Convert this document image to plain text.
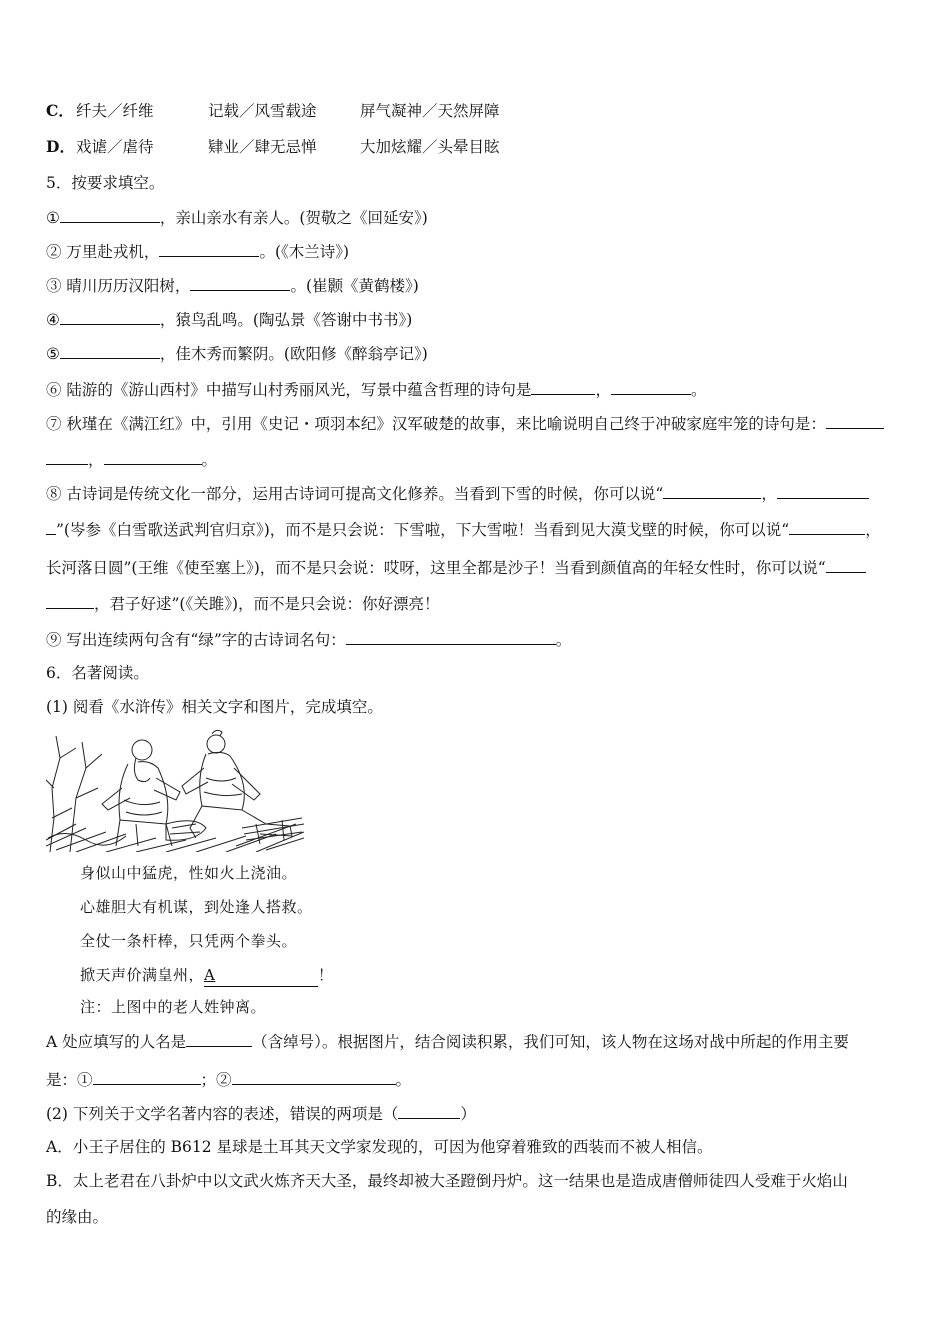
C． 纤夫／纤维	记载／风雪载途	屏气凝神／天然屏障
D． 戏谑／虐待	肄业／肆无忌惮	大加炫耀／头晕目眩
5．按要求填空。
①	，亲山亲水有亲人。(贺敬之《回延安》)
② 万里赴戎机，	。(《木兰诗》)
③ 晴川历历汉阳树，	。(崔颢《黄鹤楼》)
④	，猿鸟乱鸣。(陶弘景《答谢中书书》)
⑤	，佳木秀而繁阴。(欧阳修《醉翁亭记》)
⑥ 陆游的《游山西村》中描写山村秀丽风光，写景中蕴含哲理的诗句是	，	。
⑦ 秋瑾在《满江红》中，引用《史记・项羽本纪》汉军破楚的故事，来比喻说明自己终于冲破家庭牢笼的诗句是：
，	。
⑧ 古诗词是传统文化一部分，运用古诗词可提高文化修养。当看到下雪的时候，你可以说“	，
”(岑参《白雪歌送武判官归京》)，而不是只会说：下雪啦，下大雪啦！当看到见大漠戈壁的时候，你可以说“	，
长河落日圆”(王维《使至塞上》)，而不是只会说：哎呀，这里全都是沙子！当看到颜值高的年轻女性时，你可以说“
，君子好逑”(《关雎》)，而不是只会说：你好漂亮！
⑨ 写出连续两句含有“绿”字的古诗词名句：	。
6．名著阅读。
(1) 阅看《水浒传》相关文字和图片，完成填空。
身似山中猛虎，性如火上浇油。
心雄胆大有机谋，到处逢人搭救。
全仗一条杆棒，只凭两个拳头。
掀天声价满皇州，A	！
注：上图中的老人姓钟离。
A 处应填写的人名是	（含绰号）。根据图片，结合阅读积累，我们可知，该人物在这场对战中所起的作用主要
是：①	；②	。
(2) 下列关于文学名著内容的表述，错误的两项是（	）
A．小王子居住的 B612 星球是土耳其天文学家发现的，可因为他穿着雅致的西装而不被人相信。
B．太上老君在八卦炉中以文武火炼齐天大圣，最终却被大圣蹬倒丹炉。这一结果也是造成唐僧师徒四人受难于火焰山
的缘由。
